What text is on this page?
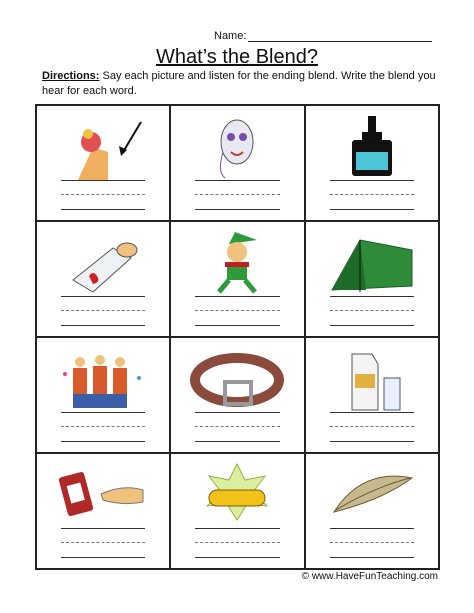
Name:
What’s the Blend?
Directions: Say each picture and listen for the ending blend. Write the blend you hear for each word.
© www.HaveFunTeaching.com
